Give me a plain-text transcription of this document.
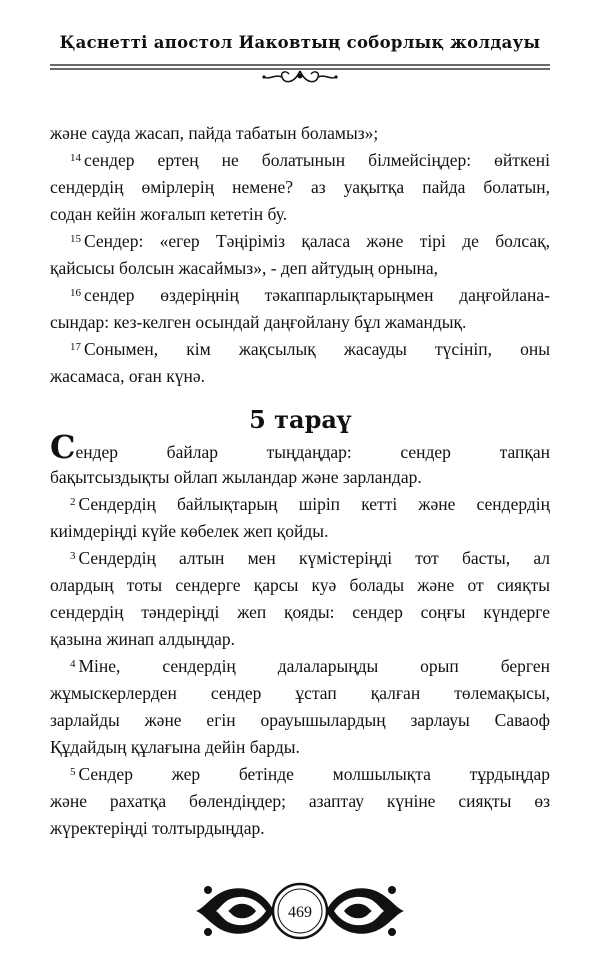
Қаснетті апостол Иаковтың соборлық жолдауы
және сауда жасап, пайда табатын боламыз»;
$^{14}$ сендер ертең не болатынын білмейсіңдер: өйткені
сендердің өмірлерің немене? аз уақытқа пайда болатын,
содан кейін жоғалып кететін бу.
$^{15}$ Сендер: «егер Тәңіріміз қаласа және тірі де болсақ,
қайсысы болсын жасаймыз», - деп айтудың орнына,
$^{16}$ сендер өздеріңнің тәкаппарлықтарыңмен даңғойлана-
сындар: кез-келген осындай даңғойлану бұл жамандық.
$^{17}$ Сонымен, кім жақсылық жасауды түсініп, оны
жасамаса, оған күнә.
5 тараү
Сендер байлар тыңдаңдар: сендер тапқан
бақытсыздықты ойлап жыландар және зарландар.
$^2$ Сендердің байлықтарың шіріп кетті және сендердің
киімдеріңді күйе көбелек жеп қойды.
$^3$ Сендердің алтын мен күмістеріңді тот басты, ал
олардың тоты сендерге қарсы куә болады және от сияқты
сендердің тәндеріңді жеп қояды: сендер соңғы күндерге
қазына жинап алдыңдар.
$^4$ Міне, сендердің далаларыңды орып берген
жұмыскерлерден сендер ұстап қалған төлемақысы,
зарлайды және егін орауышылардың зарлауы Саваоф
Құдайдың құлағына дейін барды.
$^5$ Сендер жер бетінде молшылықта тұрдыңдар
және рахатқа бөлендіңдер; азаптау күніне сияқты өз
жүректеріңді толтырдыңдар.
469
